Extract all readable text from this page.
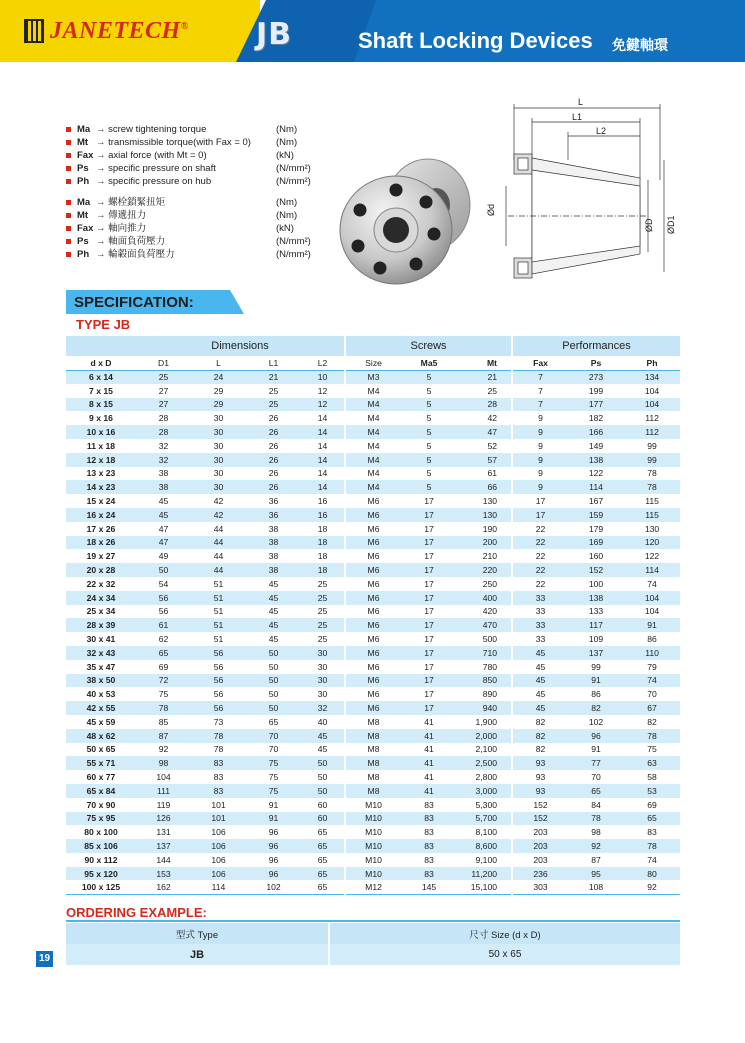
JANETECH® JB	Shaft Locking Devices 免鍵軸環
Ma → screw tightening torque	(Nm)
Mt → transmissible torque(with Fax = 0)	(Nm)
Fax → axial force (with Mt = 0)	(kN)
Ps → specific pressure on shaft	(N/mm²)
Ph → specific pressure on hub	(N/mm²)
Ma → 螺栓鎖緊扭矩	(Nm)
Mt → 傳遞扭力	(Nm)
Fax → 軸向推力	(kN)
Ps → 軸面負荷壓力	(N/mm²)
Ph → 輪轂面負荷壓力	(N/mm²)
L
L1
L2
Ød
ØD ØD1
SPECIFICATION:
TYPE JB
	Dimensions				Screws			Performances		
d x D	D1	L	L1	L2	Size	Ma5	Mt	Fax	Ps	Ph
6 x 14	25	24	21	10	M3	5	21	7	273	134
7 x 15	27	29	25	12	M4	5	25	7	199	104
8 x 15	27	29	25	12	M4	5	28	7	177	104
9 x 16	28	30	26	14	M4	5	42	9	182	112
10 x 16	28	30	26	14	M4	5	47	9	166	112
11 x 18	32	30	26	14	M4	5	52	9	149	99
12 x 18	32	30	26	14	M4	5	57	9	138	99
13 x 23	38	30	26	14	M4	5	61	9	122	78
14 x 23	38	30	26	14	M4	5	66	9	114	78
15 x 24	45	42	36	16	M6	17	130	17	167	115
16 x 24	45	42	36	16	M6	17	130	17	159	115
17 x 26	47	44	38	18	M6	17	190	22	179	130
18 x 26	47	44	38	18	M6	17	200	22	169	120
19 x 27	49	44	38	18	M6	17	210	22	160	122
20 x 28	50	44	38	18	M6	17	220	22	152	114
22 x 32	54	51	45	25	M6	17	250	22	100	74
24 x 34	56	51	45	25	M6	17	400	33	138	104
25 x 34	56	51	45	25	M6	17	420	33	133	104
28 x 39	61	51	45	25	M6	17	470	33	117	91
30 x 41	62	51	45	25	M6	17	500	33	109	86
32 x 43	65	56	50	30	M6	17	710	45	137	110
35 x 47	69	56	50	30	M6	17	780	45	99	79
38 x 50	72	56	50	30	M6	17	850	45	91	74
40 x 53	75	56	50	30	M6	17	890	45	86	70
42 x 55	78	56	50	32	M6	17	940	45	82	67
45 x 59	85	73	65	40	M8	41	1,900	82	102	82
48 x 62	87	78	70	45	M8	41	2,000	82	96	78
50 x 65	92	78	70	45	M8	41	2,100	82	91	75
55 x 71	98	83	75	50	M8	41	2,500	93	77	63
60 x 77	104	83	75	50	M8	41	2,800	93	70	58
65 x 84	111	83	75	50	M8	41	3,000	93	65	53
70 x 90	119	101	91	60	M10	83	5,300	152	84	69
75 x 95	126	101	91	60	M10	83	5,700	152	78	65
80 x 100	131	106	96	65	M10	83	8,100	203	98	83
85 x 106	137	106	96	65	M10	83	8,600	203	92	78
90 x 112	144	106	96	65	M10	83	9,100	203	87	74
95 x 120	153	106	96	65	M10	83	11,200	236	95	80
100 x 125	162	114	102	65	M12	145	15,100	303	108	92
ORDERING EXAMPLE:
型式 Type	尺寸 Size (d x D)
JB	50 x 65
19
